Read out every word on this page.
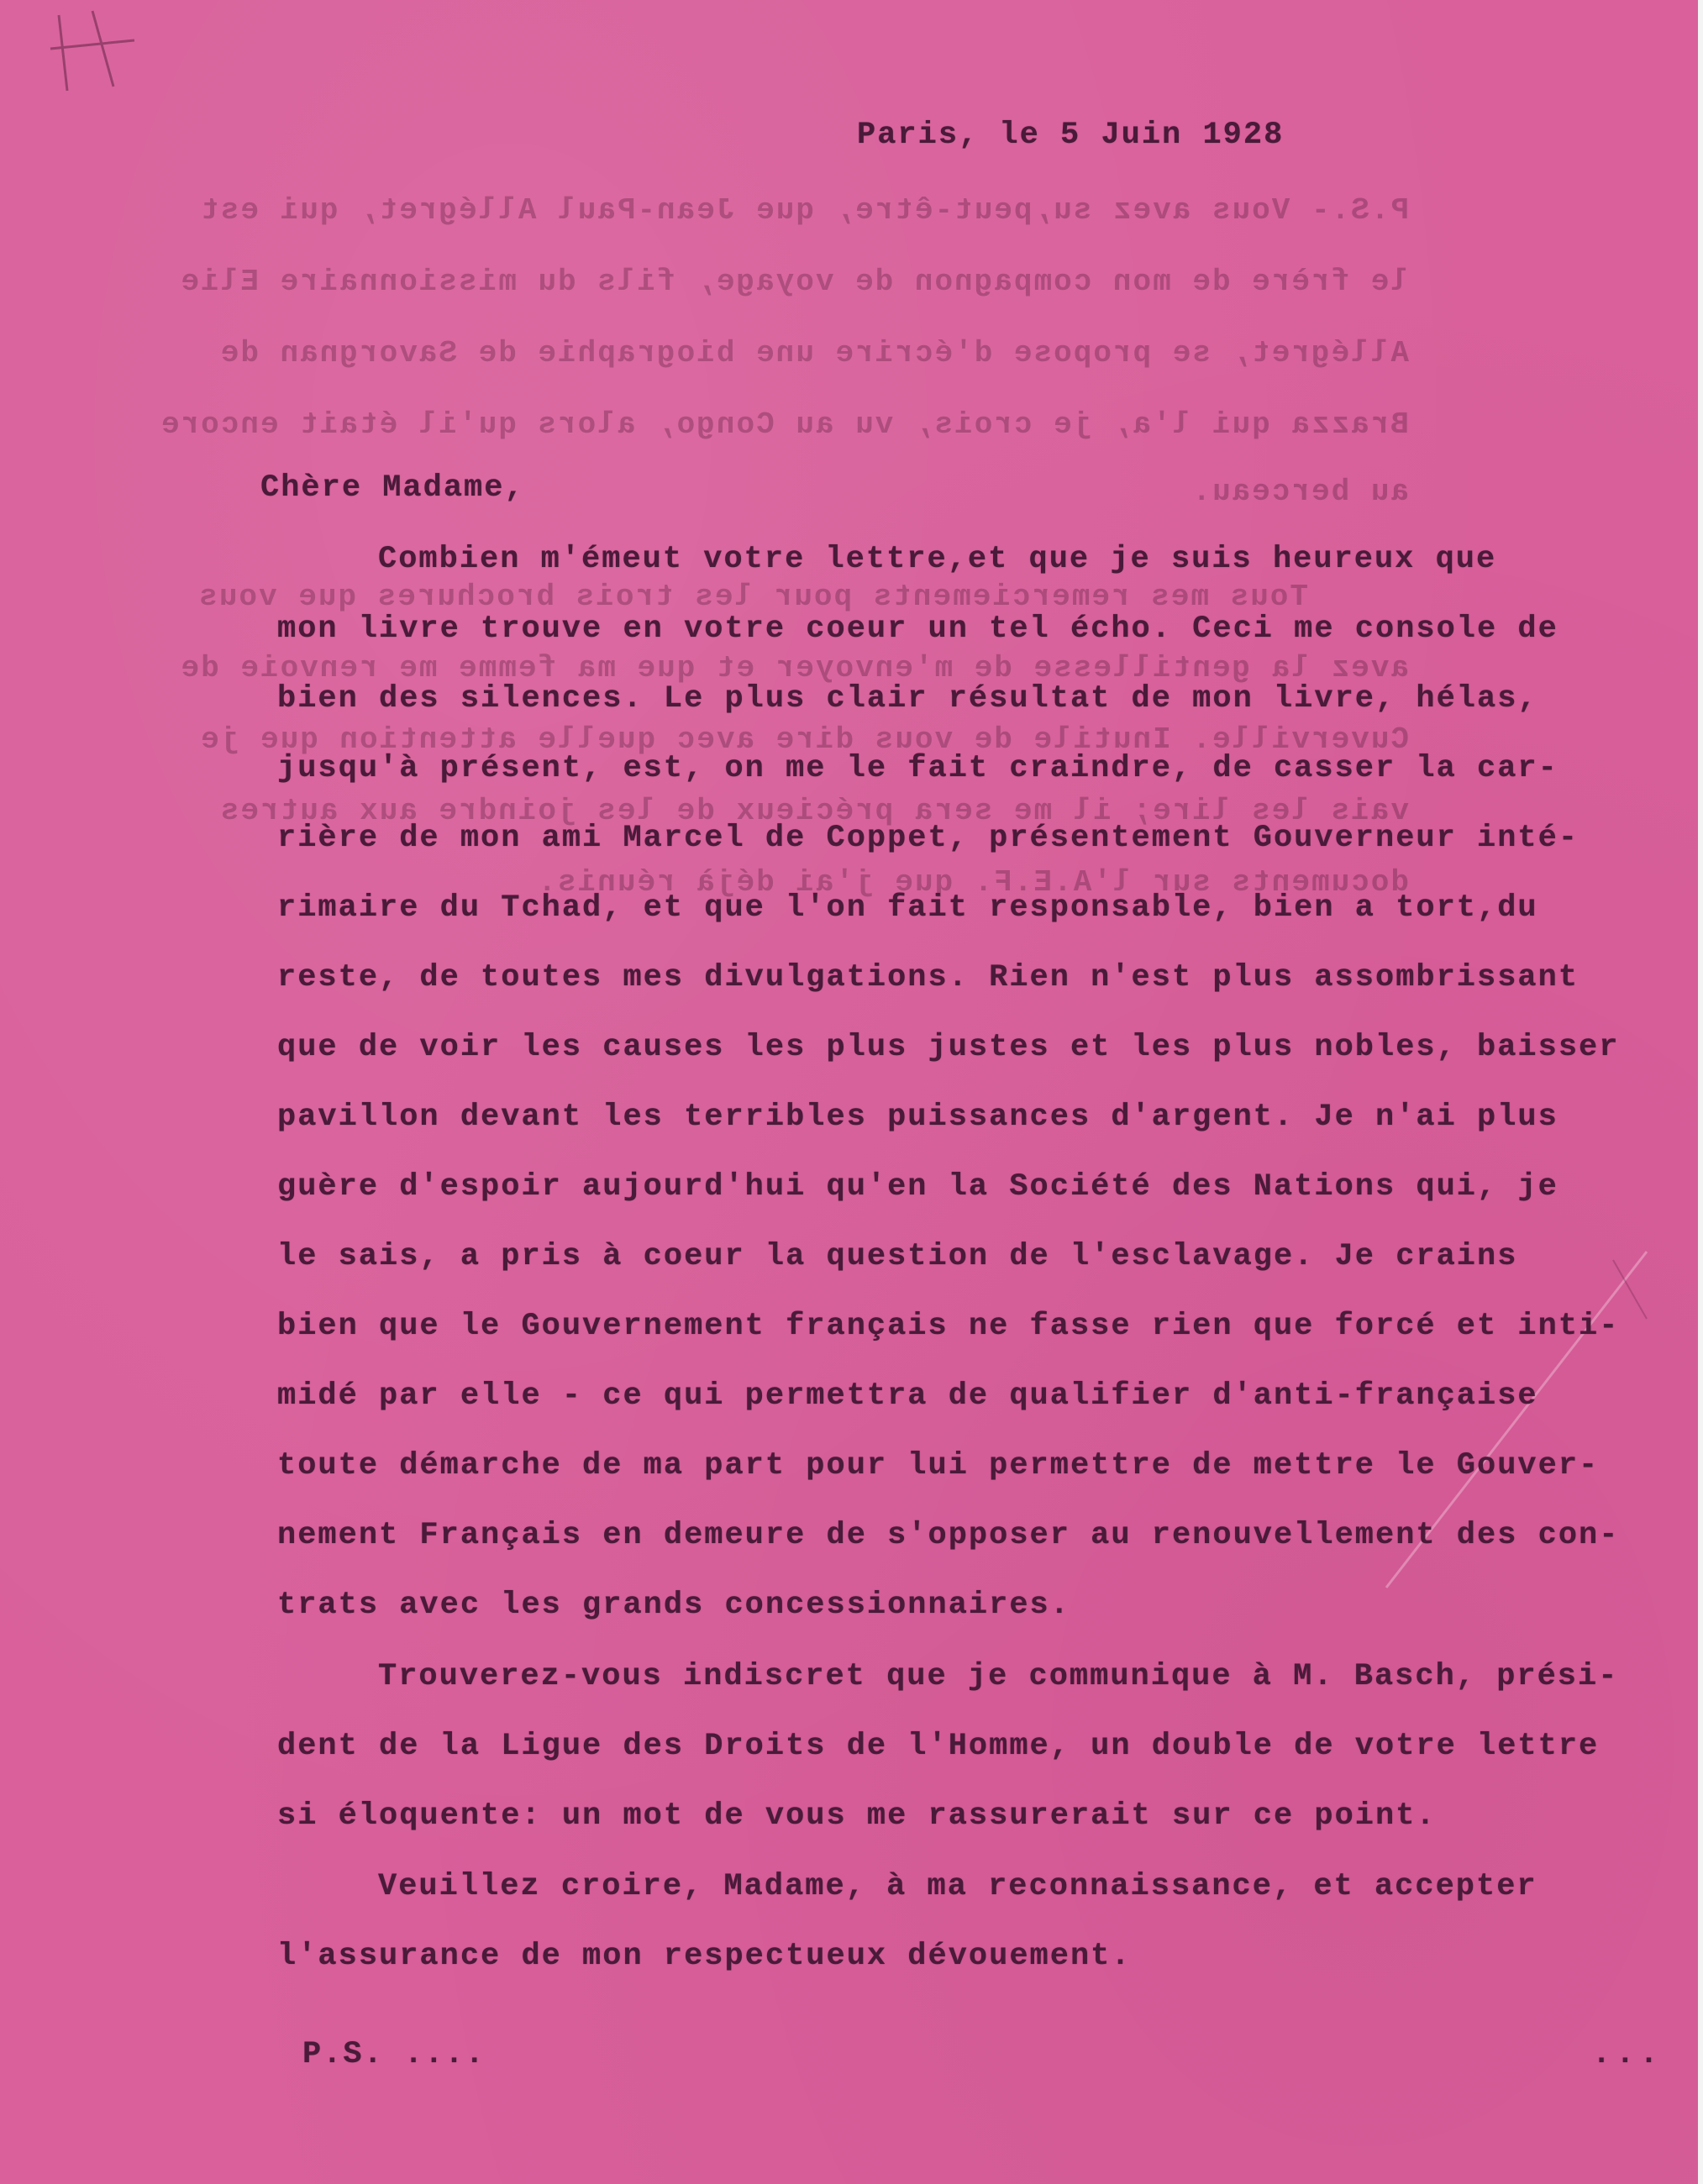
P.S.- Vous avez su,peut-être, que Jean-Paul Allégret, qui est
le frère de mon compagnon de voyage, fils du missionnaire Elie
Allégret, se propose d'écrire une biographie de Savorgnan de
Brazza qui l'a, je crois, vu au Congo, alors qu'il était encore
au berceau.
Tous mes remerciements pour les trois brochures que vous
avez la gentillesse de m'envoyer et que ma femme me renvoie de
Cuverville. Inutile de vous dire avec quelle attention que je
vais les lire; il me sera précieux de les joindre aux autres
documents sur l'A.E.F. que j'ai déjà réunis.
Paris, le 5 Juin 1928
Chère Madame,
Combien m'émeut votre lettre,et que je suis heureux que
mon livre trouve en votre coeur un tel écho. Ceci me console de
bien des silences. Le plus clair résultat de mon livre, hélas,
jusqu'à présent, est, on me le fait craindre, de casser la car-
rière de mon ami Marcel de Coppet, présentement Gouverneur inté-
rimaire du Tchad, et que l'on fait responsable, bien a tort,du
reste, de toutes mes divulgations. Rien n'est plus assombrissant
que de voir les causes les plus justes et les plus nobles, baisser
pavillon devant les terribles puissances d'argent. Je n'ai plus
guère d'espoir aujourd'hui qu'en la Société des Nations qui, je
le sais, a pris à coeur la question de l'esclavage. Je crains
bien que le Gouvernement français ne fasse rien que forcé et inti-
midé par elle - ce qui permettra de qualifier d'anti-française
toute démarche de ma part pour lui permettre de mettre le Gouver-
nement Français en demeure de s'opposer au renouvellement des con-
trats avec les grands concessionnaires.
Trouverez-vous indiscret que je communique à M. Basch, prési-
dent de la Ligue des Droits de l'Homme, un double de votre lettre
si éloquente: un mot de vous me rassurerait sur ce point.
Veuillez croire, Madame, à ma reconnaissance, et accepter
l'assurance de mon respectueux dévouement.
P.S. ....	...
